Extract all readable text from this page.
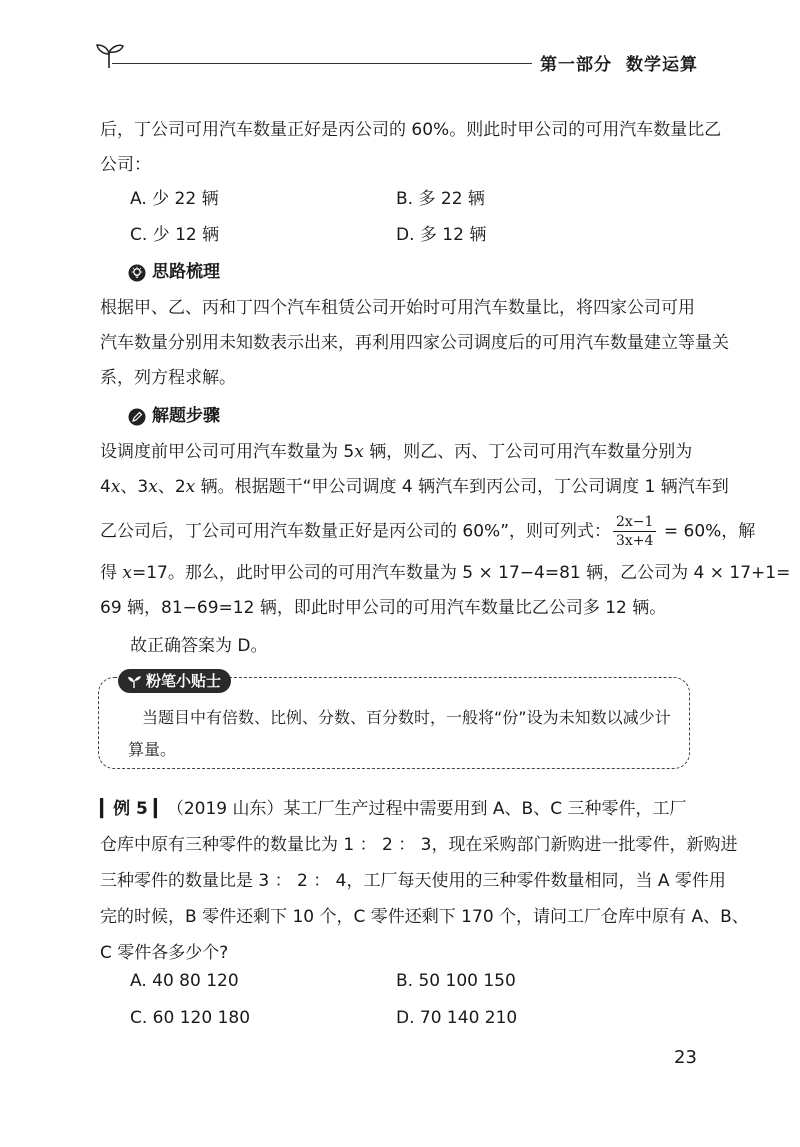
第一部分 数学运算
后，丁公司可用汽车数量正好是丙公司的 60%。则此时甲公司的可用汽车数量比乙
公司：
A. 少 22 辆	B. 多 22 辆
C. 少 12 辆	D. 多 12 辆
思路梳理
根据甲、乙、丙和丁四个汽车租赁公司开始时可用汽车数量比，将四家公司可用
汽车数量分别用未知数表示出来，再利用四家公司调度后的可用汽车数量建立等量关
系，列方程求解。
解题步骤
设调度前甲公司可用汽车数量为 5x 辆，则乙、丙、丁公司可用汽车数量分别为
4x、3x、2x 辆。根据题干“甲公司调度 4 辆汽车到丙公司，丁公司调度 1 辆汽车到
乙公司后，丁公司可用汽车数量正好是丙公司的 60%”，则可列式： $\frac{2x-1}{3x+4} = 60\%$，解
得 x=17。那么，此时甲公司的可用汽车数量为 5 × 17−4=81 辆，乙公司为 4 × 17+1=
69 辆，81−69=12 辆，即此时甲公司的可用汽车数量比乙公司多 12 辆。
故正确答案为 D。
粉笔小贴士
当题目中有倍数、比例、分数、百分数时，一般将“份”设为未知数以减少计
算量。
▎例 5 ▎（2019 山东）某工厂生产过程中需要用到 A、B、C 三种零件，工厂
仓库中原有三种零件的数量比为 1 ： 2 ： 3，现在采购部门新购进一批零件，新购进
三种零件的数量比是 3 ： 2 ： 4，工厂每天使用的三种零件数量相同，当 A 零件用
完的时候，B 零件还剩下 10 个，C 零件还剩下 170 个，请问工厂仓库中原有 A、B、
C 零件各多少个?
A. 40 80 120	B. 50 100 150
C. 60 120 180	D. 70 140 210
23
